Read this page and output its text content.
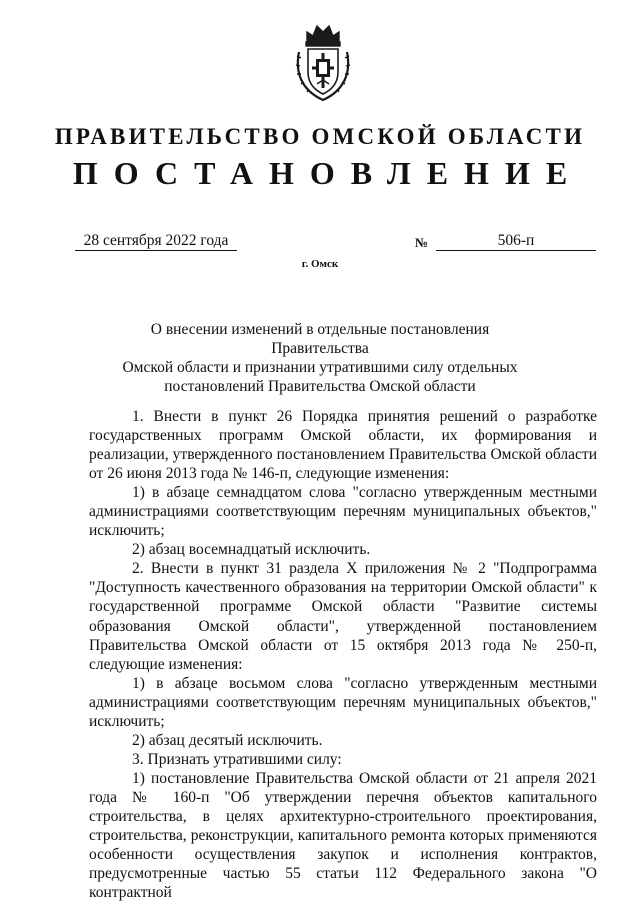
ПРАВИТЕЛЬСТВО ОМСКОЙ ОБЛАСТИ
ПОСТАНОВЛЕНИЕ
28 сентября 2022 года	№	506-п
г. Омск
О внесении изменений в отдельные постановления Правительства
Омской области и признании утратившими силу отдельных
постановлений Правительства Омской области

1. Внести в пункт 26 Порядка принятия решений о разработке государственных программ Омской области, их формирования и реализации, утвержденного постановлением Правительства Омской области от 26 июня 2013 года № 146-п, следующие изменения:

1) в абзаце семнадцатом слова "согласно утвержденным местными администрациями соответствующим перечням муниципальных объектов," исключить;

2) абзац восемнадцатый исключить.

2. Внести в пункт 31 раздела X приложения № 2 "Подпрограмма "Доступность качественного образования на территории Омской области" к государственной программе Омской области "Развитие системы образования Омской области", утвержденной постановлением Правительства Омской области от 15 октября 2013 года № 250-п, следующие изменения:

1) в абзаце восьмом слова "согласно утвержденным местными администрациями соответствующим перечням муниципальных объектов," исключить;

2) абзац десятый исключить.

3. Признать утратившими силу:

1) постановление Правительства Омской области от 21 апреля 2021 года № 160-п "Об утверждении перечня объектов капитального строительства, в целях архитектурно-строительного проектирования, строительства, реконструкции, капитального ремонта которых применяются особенности осуществления закупок и исполнения контрактов, предусмотренные частью 55 статьи 112 Федерального закона "О контрактной
